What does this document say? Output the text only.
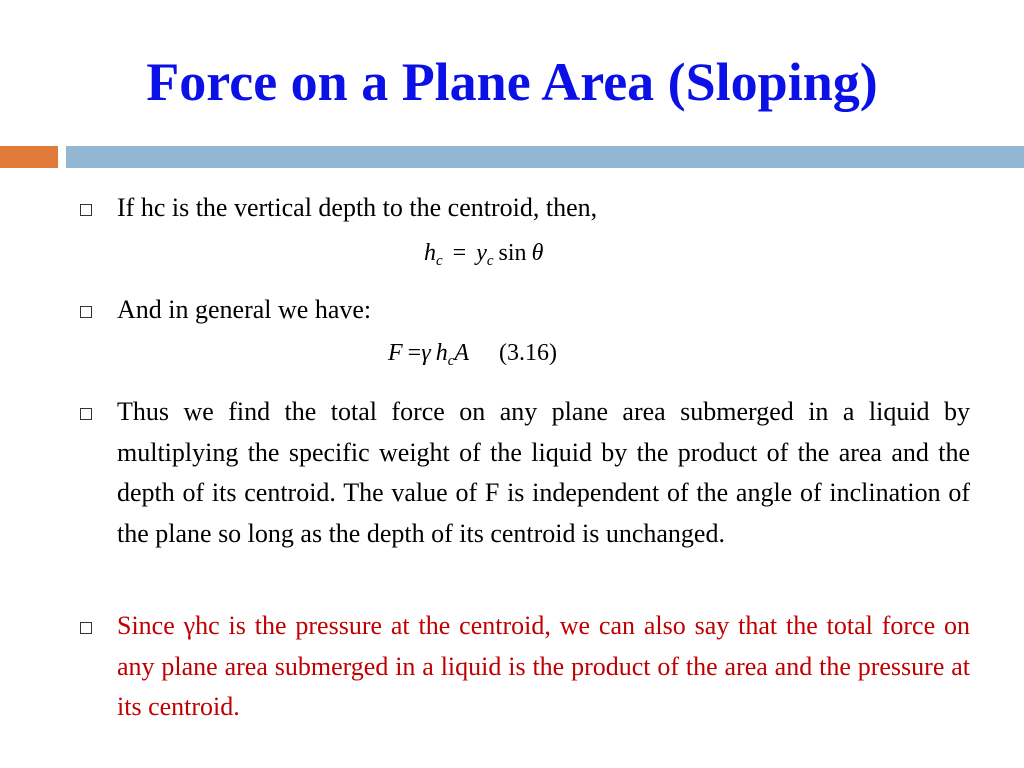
Force on a Plane Area (Sloping)
If hc is the vertical depth to the centroid, then,
$h_c = y_c$ sin θ
And in general we have:
F =γ $h_cA$ (3.16)
Thus we find the total force on any plane area submerged in a liquid by multiplying the specific weight of the liquid by the product of the area and the depth of its centroid. The value of F is independent of the angle of inclination of the plane so long as the depth of its centroid is unchanged.
Since γhc is the pressure at the centroid, we can also say that the total force on any plane area submerged in a liquid is the product of the area and the pressure at its centroid.
